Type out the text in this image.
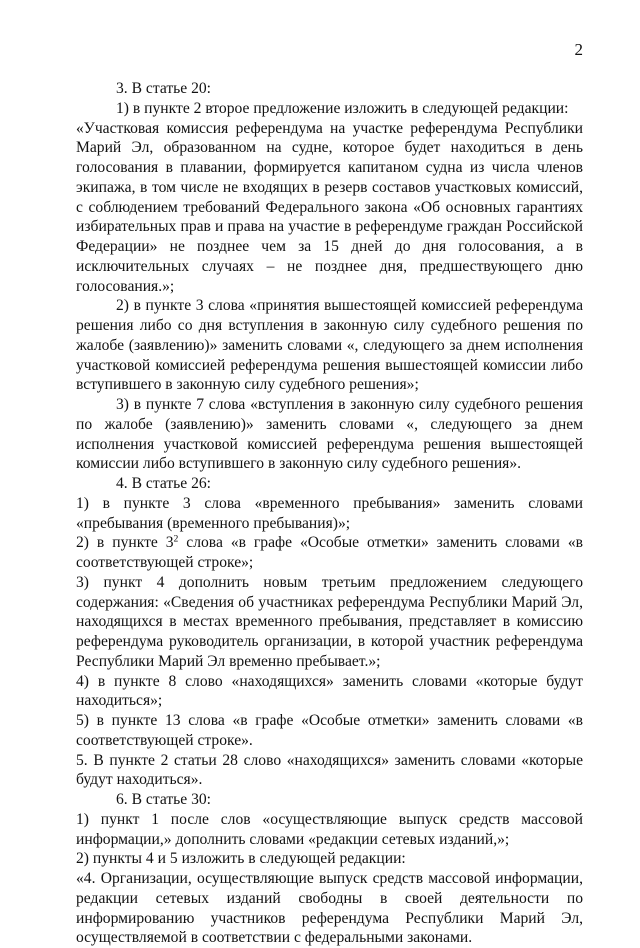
2

3. В статье 20:

1) в пункте 2 второе предложение изложить в следующей редакции:

«Участковая комиссия референдума на участке референдума Республики Марий Эл, образованном на судне, которое будет находиться в день голосования в плавании, формируется капитаном судна из числа членов экипажа, в том числе не входящих в резерв составов участковых комиссий, с соблюдением требований Федерального закона «Об основных гарантиях избирательных прав и права на участие в референдуме граждан Российской Федерации» не позднее чем за 15 дней до дня голосования, а в исключительных случаях – не позднее дня, предшествующего дню голосования.»;

2) в пункте 3 слова «принятия вышестоящей комиссией референдума решения либо со дня вступления в законную силу судебного решения по жалобе (заявлению)» заменить словами «, следующего за днем исполнения участковой комиссией референдума решения вышестоящей комиссии либо вступившего в законную силу судебного решения»;

3) в пункте 7 слова «вступления в законную силу судебного решения по жалобе (заявлению)» заменить словами «, следующего за днем исполнения участковой комиссией референдума решения вышестоящей комиссии либо вступившего в законную силу судебного решения».

4. В статье 26:

1) в пункте 3 слова «временного пребывания» заменить словами «пребывания (временного пребывания)»;

2) в пункте $3^2$ слова «в графе «Особые отметки» заменить словами «в соответствующей строке»;

3) пункт 4 дополнить новым третьим предложением следующего содержания: «Сведения об участниках референдума Республики Марий Эл, находящихся в местах временного пребывания, представляет в комиссию референдума руководитель организации, в которой участник референдума Республики Марий Эл временно пребывает.»;

4) в пункте 8 слово «находящихся» заменить словами «которые будут находиться»;

5) в пункте 13 слова «в графе «Особые отметки» заменить словами «в соответствующей строке».

5. В пункте 2 статьи 28 слово «находящихся» заменить словами «которые будут находиться».

6. В статье 30:

1) пункт 1 после слов «осуществляющие выпуск средств массовой информации,» дополнить словами «редакции сетевых изданий,»;

2) пункты 4 и 5 изложить в следующей редакции:

«4. Организации, осуществляющие выпуск средств массовой информации, редакции сетевых изданий свободны в своей деятельности по информированию участников референдума Республики Марий Эл, осуществляемой в соответствии с федеральными законами.
